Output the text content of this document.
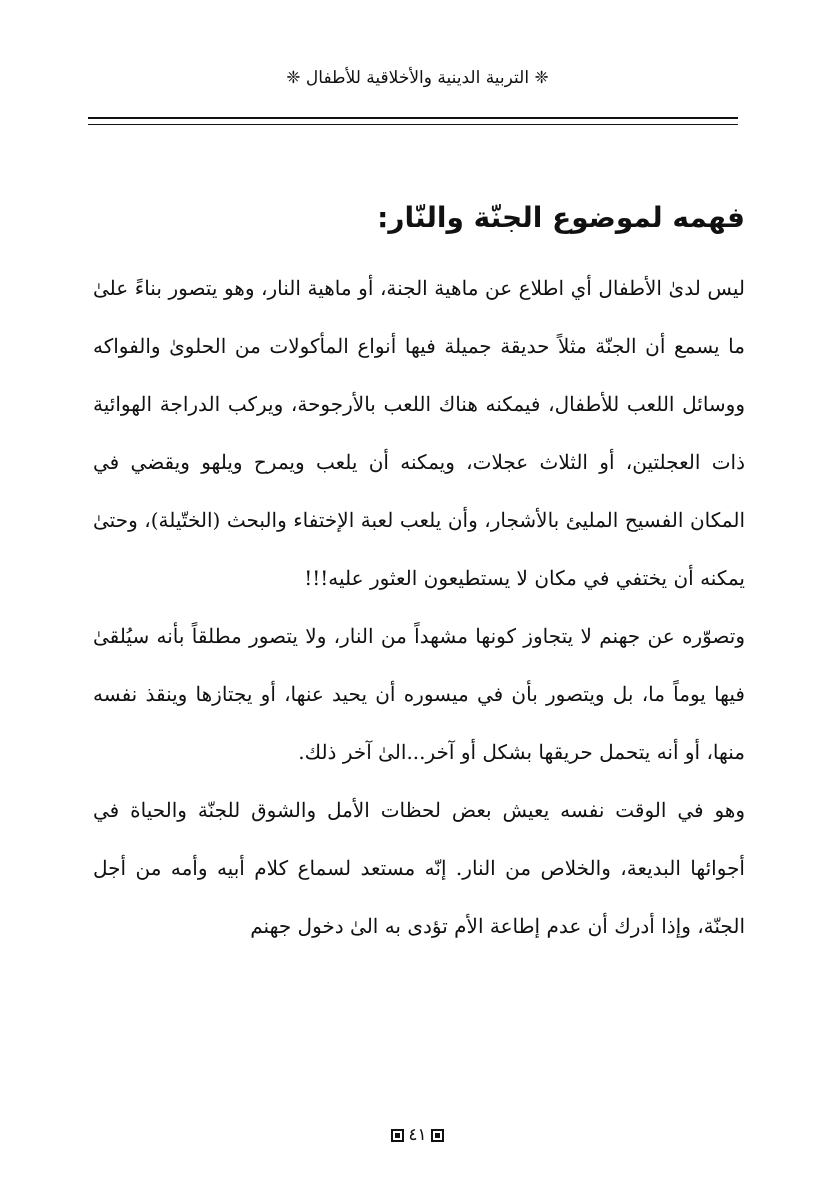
❈ التربية الدينية والأخلاقية للأطفال ❈
فهمه لموضوع الجنّة والنّار:

ليس لدىٰ الأطفال أي اطلاع عن ماهية الجنة، أو ماهية النار، وهو يتصور بناءً علىٰ ما يسمع أن الجنّة مثلاً حديقة جميلة فيها أنواع المأكولات من الحلوىٰ والفواكه ووسائل اللعب للأطفال، فيمكنه هناك اللعب بالأرجوحة، ويركب الدراجة الهوائية ذات العجلتين، أو الثلاث عجلات، ويمكنه أن يلعب ويمرح ويلهو ويقضي في المكان الفسيح المليئ بالأشجار، وأن يلعب لعبة الإختفاء والبحث (الختّيلة)، وحتىٰ يمكنه أن يختفي في مكان لا يستطيعون العثور عليه!!!

وتصوّره عن جهنم لا يتجاوز كونها مشهداً من النار، ولا يتصور مطلقاً بأنه سيُلقىٰ فيها يوماً ما، بل ويتصور بأن في ميسوره أن يحيد عنها، أو يجتازها وينقذ نفسه منها، أو أنه يتحمل حريقها بشكل أو آخر...الىٰ آخر ذلك.

وهو في الوقت نفسه يعيش بعض لحظات الأمل والشوق للجنّة والحياة في أجوائها البديعة، والخلاص من النار. إنّه مستعد لسماع كلام أبيه وأمه من أجل الجنّة، وإذا أدرك أن عدم إطاعة الأم تؤدى به الىٰ دخول جهنم

٤١
